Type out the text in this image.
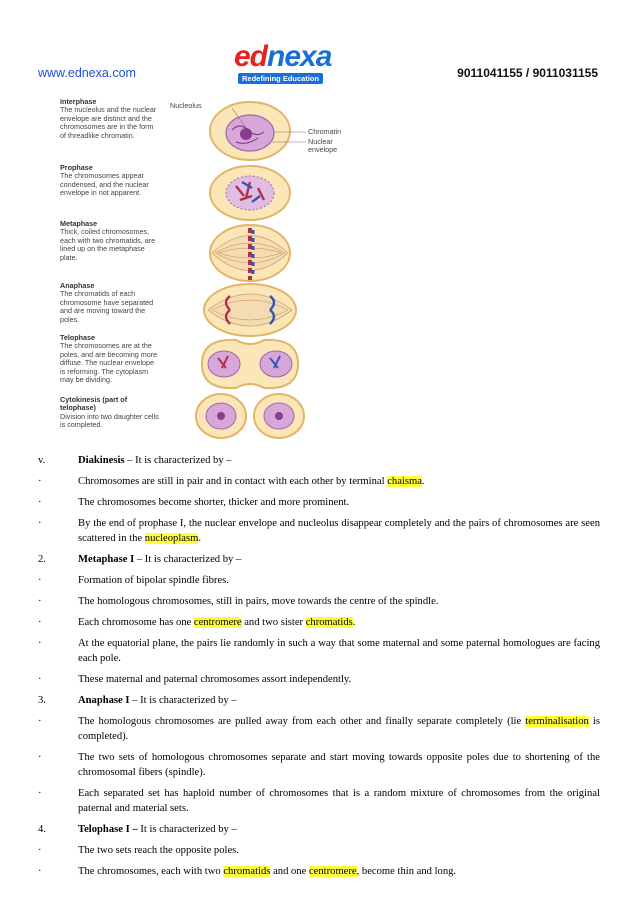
www.ednexa.com	ednexa
Redefining Education	9011041155 / 9011031155
Interphase
The nucleolus and the nuclear envelope are distinct and the chromosomes are in the form of threadlike chromatin.
Prophase
The chromosomes appear condensed, and the nuclear envelope in not apparent.
Metaphase
Thick, coiled chromosomes, each with two chromatids, are lined up on the metaphase plate.
Anaphase
The chromatids of each chromosome have separated and are moving toward the poles.
Telophase
The chromosomes are at the poles, and are becoming more diffuse. The nuclear envelope is reforming. The cytoplasm may be dividing.
Cytokinesis (part of telophase)
Division into two daughter cells is completed.
Nucleolus
Chromatin
Nuclear envelope
v.	Diakinesis – It is characterized by –
·	Chromosomes are still in pair and in contact with each other by terminal chaisma.
·	The chromosomes become shorter, thicker and more prominent.
·	By the end of prophase I, the nuclear envelope and nucleolus disappear completely and the pairs of chromosomes are seen scattered in the nucleoplasm.
2.	Metaphase I – It is characterized by –
·	Formation of bipolar spindle fibres.
·	The homologous chromosomes, still in pairs, move towards the centre of the spindle.
·	Each chromosome has one centromere and two sister chromatids.
·	At the equatorial plane, the pairs lie randomly in such a way that some maternal and some paternal homologues are facing each pole.
·	These maternal and paternal chromosomes assort independently.
3.	Anaphase I – It is characterized by –
·	The homologous chromosomes are pulled away from each other and finally separate completely (lie terminalisation is completed).
·	The two sets of homologous chromosomes separate and start moving towards opposite poles due to shortening of the chromosomal fibers (spindle).
·	Each separated set has haploid number of chromosomes that is a random mixture of chromosomes from the original paternal and material sets.
4.	Telophase I – It is characterized by –
·	The two sets reach the opposite poles.
·	The chromosomes, each with two chromatids and one centromere, become thin and long.
